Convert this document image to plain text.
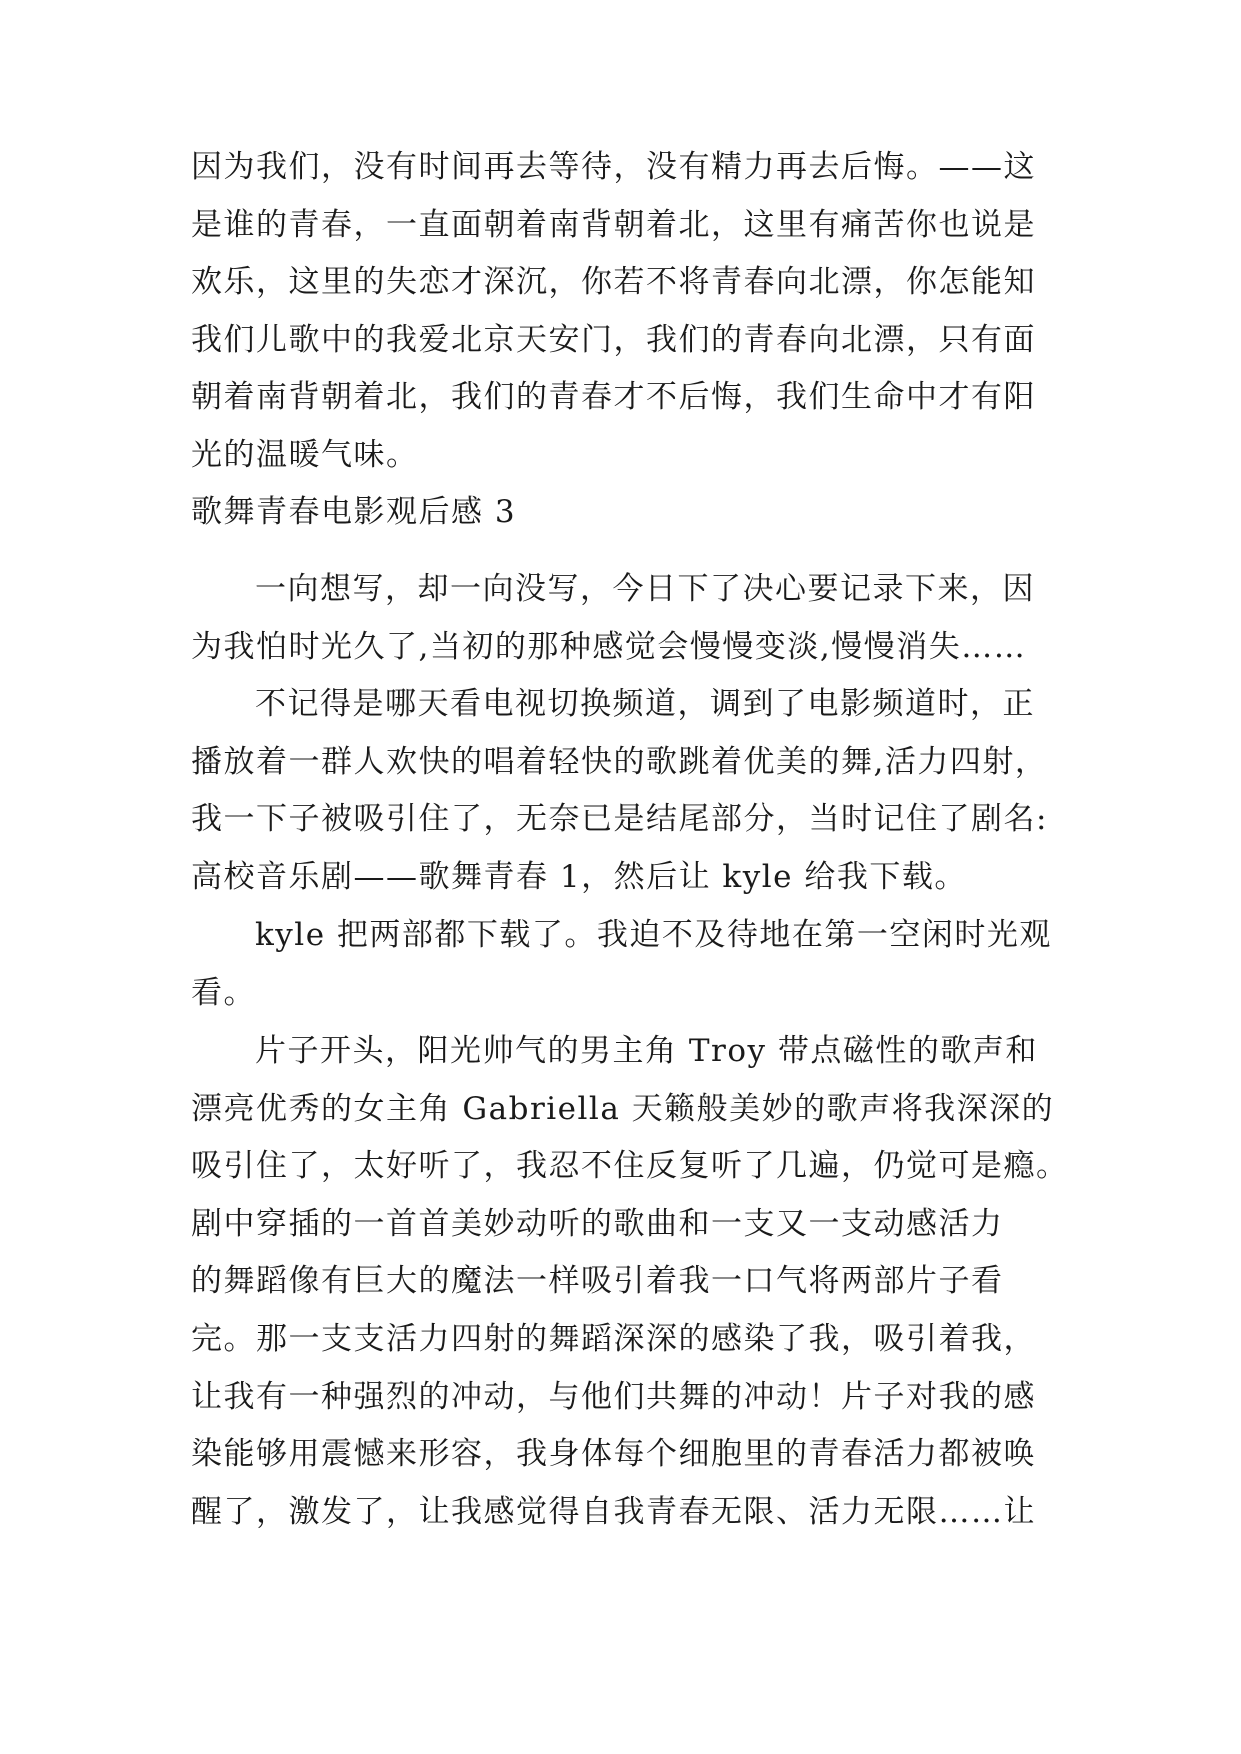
因为我们，没有时间再去等待，没有精力再去后悔。——这
是谁的青春，一直面朝着南背朝着北，这里有痛苦你也说是
欢乐，这里的失恋才深沉，你若不将青春向北漂，你怎能知
我们儿歌中的我爱北京天安门，我们的青春向北漂，只有面
朝着南背朝着北，我们的青春才不后悔，我们生命中才有阳
光的温暖气味。
歌舞青春电影观后感 3
一向想写，却一向没写，今日下了决心要记录下来，因
为我怕时光久了,当初的那种感觉会慢慢变淡,慢慢消失……
不记得是哪天看电视切换频道，调到了电影频道时，正
播放着一群人欢快的唱着轻快的歌跳着优美的舞,活力四射，
我一下子被吸引住了，无奈已是结尾部分，当时记住了剧名:
高校音乐剧——歌舞青春 1，然后让 kyle 给我下载。
kyle 把两部都下载了。我迫不及待地在第一空闲时光观
看。
片子开头，阳光帅气的男主角 Troy 带点磁性的歌声和
漂亮优秀的女主角 Gabriella 天籁般美妙的歌声将我深深的
吸引住了，太好听了，我忍不住反复听了几遍，仍觉可是瘾。
剧中穿插的一首首美妙动听的歌曲和一支又一支动感活力
的舞蹈像有巨大的魔法一样吸引着我一口气将两部片子看
完。那一支支活力四射的舞蹈深深的感染了我，吸引着我，
让我有一种强烈的冲动，与他们共舞的冲动！片子对我的感
染能够用震憾来形容，我身体每个细胞里的青春活力都被唤
醒了，激发了，让我感觉得自我青春无限、活力无限……让
